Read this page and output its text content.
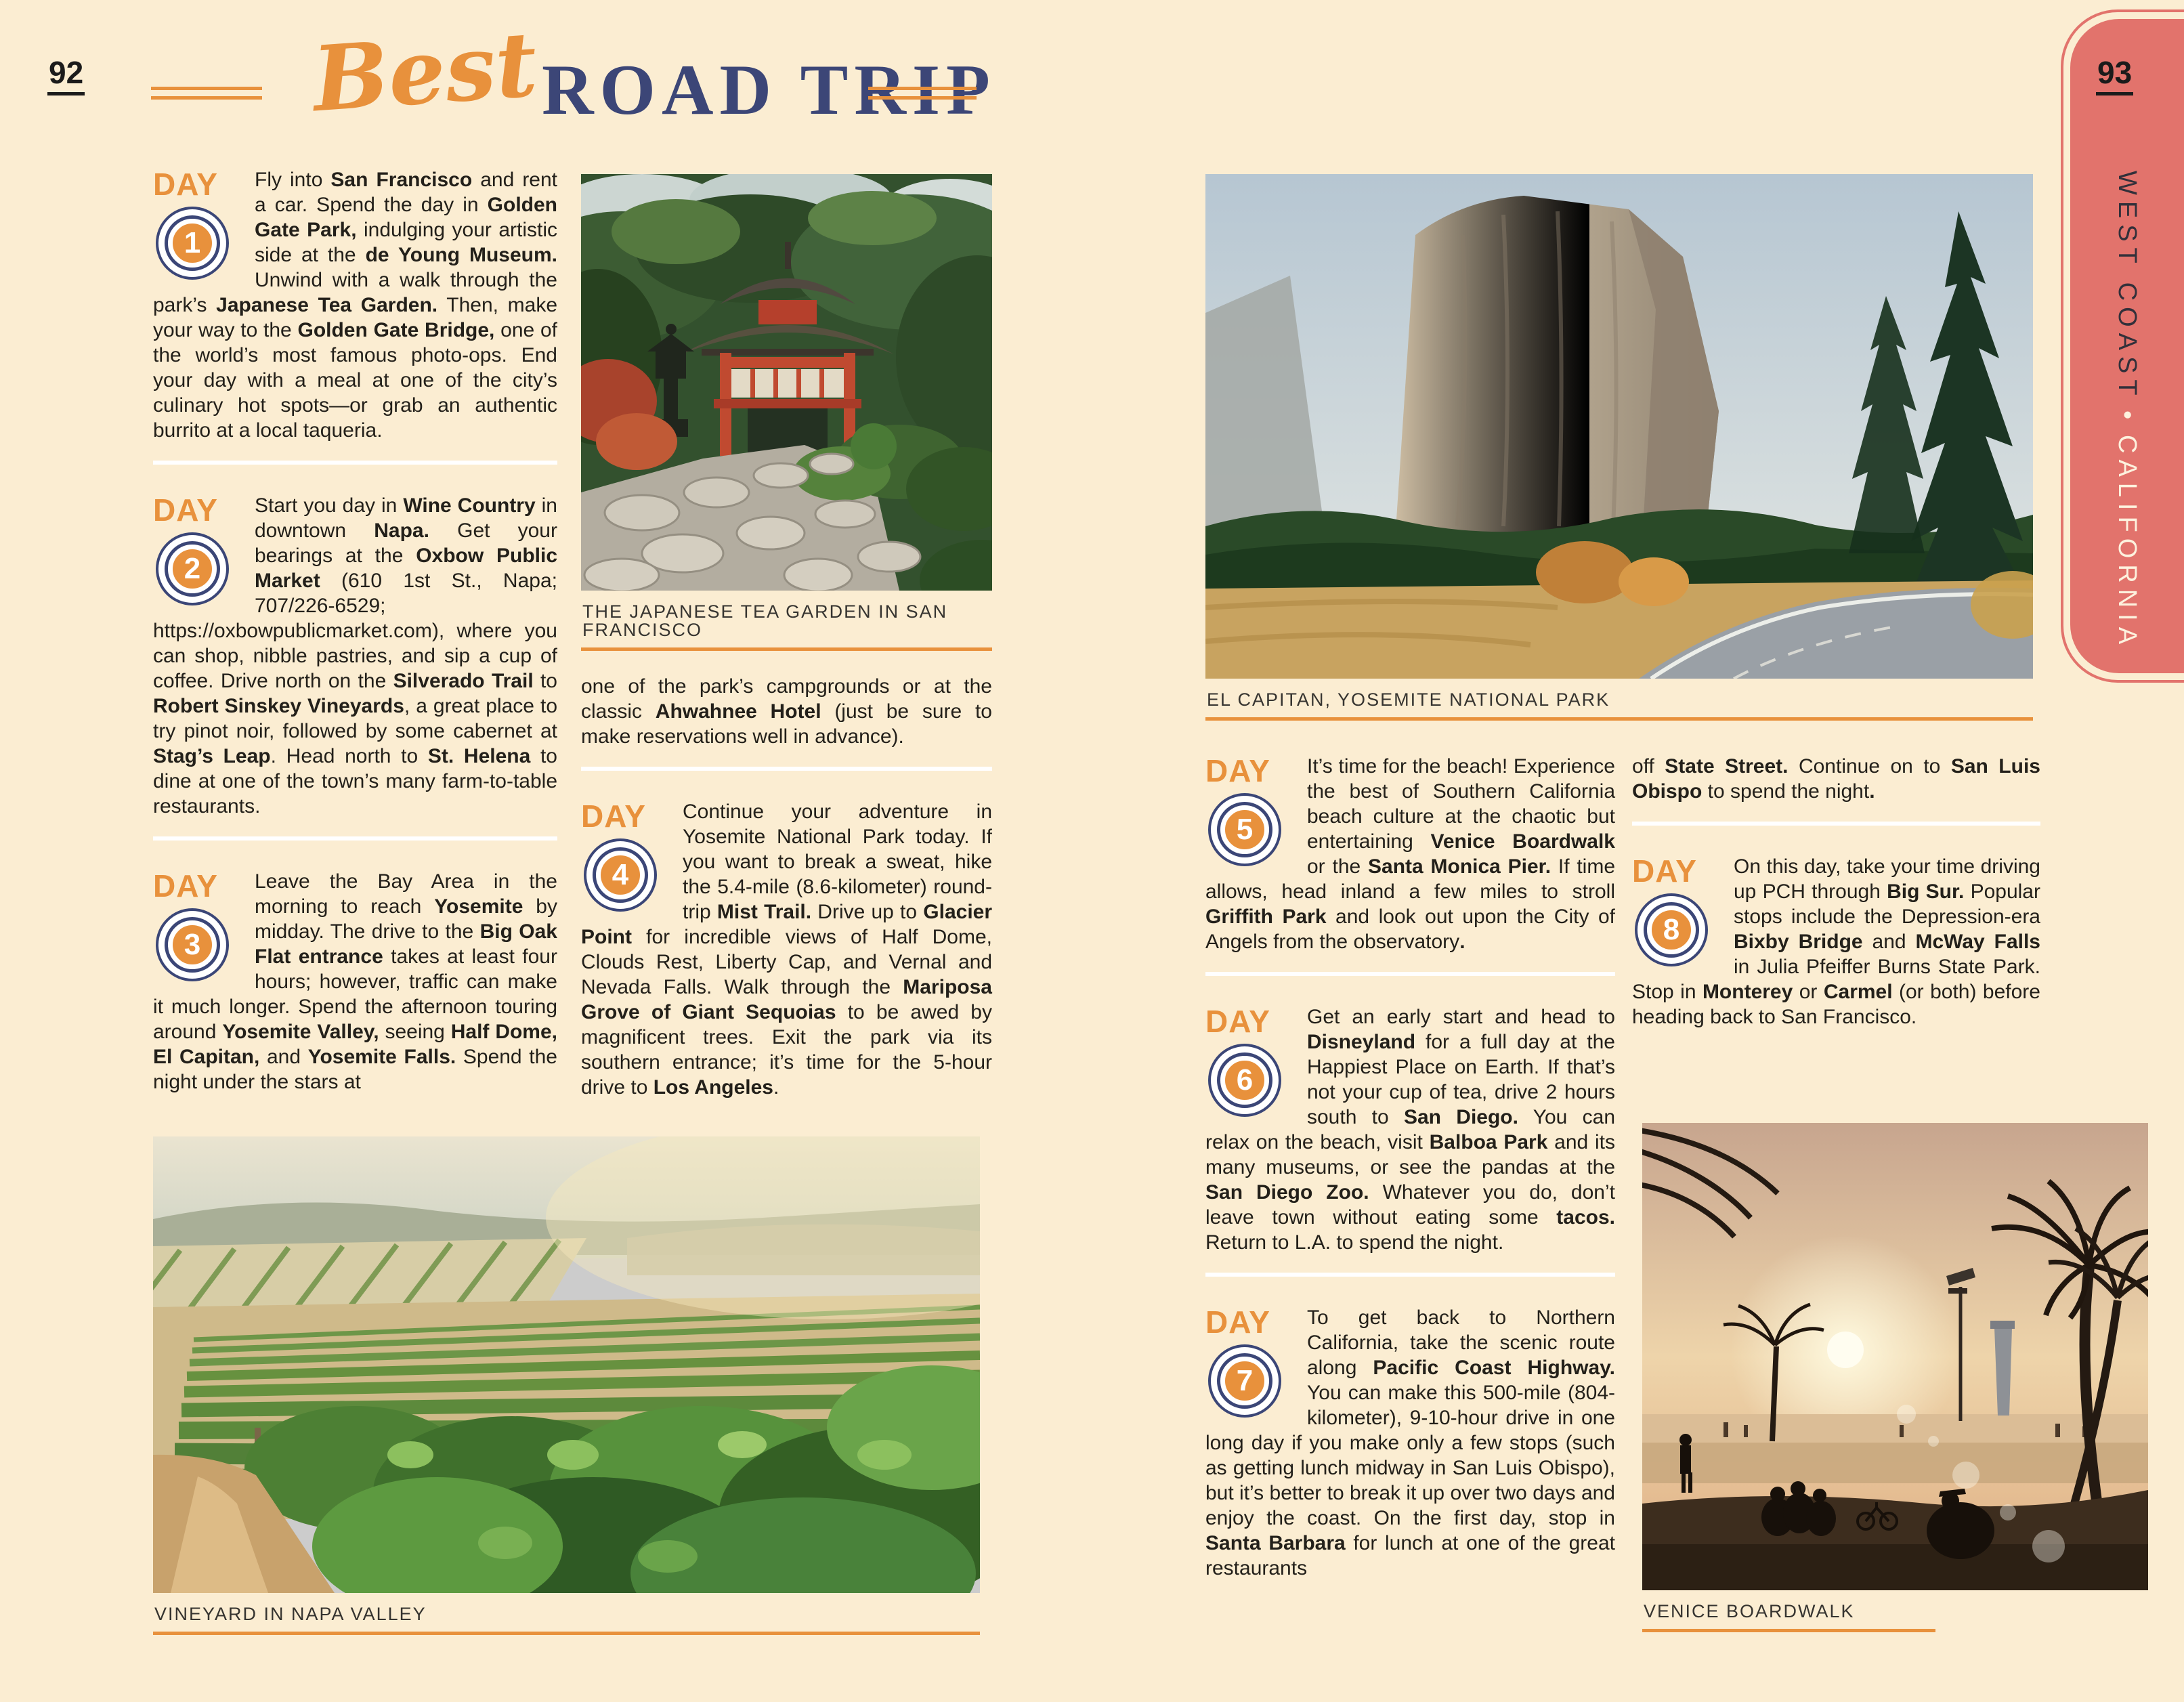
92	Best ROAD TRIP
DAY
1

Fly into San Francisco and rent a car. Spend the day in Golden Gate Park, indulging your artistic side at the de Young Museum. Unwind with a walk through the park’s Japanese Tea Garden. Then, make your way to the Golden Gate Bridge, one of the world’s most famous photo-ops. End your day with a meal at one of the city’s culinary hot spots—or grab an authentic burrito at a local taqueria.

DAY
2

Start you day in Wine Country in downtown Napa. Get your bearings at the Oxbow Public Market (610 1st St., Napa; 707/226-6529; https://oxbowpublicmarket.com), where you can shop, nibble pastries, and sip a cup of coffee. Drive north on the Silverado Trail to Robert Sinskey Vineyards, a great place to try pinot noir, followed by some cabernet at Stag’s Leap. Head north to St. Helena to dine at one of the town’s many farm-to-table restaurants.

DAY
3

Leave the Bay Area in the morning to reach Yosemite by midday. The drive to the Big Oak Flat entrance takes at least four hours; however, traffic can make it much longer. Spend the afternoon touring around Yosemite Valley, seeing Half Dome, El Capitan, and Yosemite Falls. Spend the night under the stars at

THE JAPANESE TEA GARDEN IN SAN FRANCISCO

one of the park’s campgrounds or at the classic Ahwahnee Hotel (just be sure to make reservations well in advance).

DAY
4

Continue your adventure in Yosemite National Park today. If you want to break a sweat, hike the 5.4-mile (8.6-kilometer) round-trip Mist Trail. Drive up to Glacier Point for incredible views of Half Dome, Clouds Rest, Liberty Cap, and Vernal and Nevada Falls. Walk through the Mariposa Grove of Giant Sequoias to be awed by magnificent trees. Exit the park via its southern entrance; it’s time for the 5-hour drive to Los Angeles.

EL CAPITAN, YOSEMITE NATIONAL PARK
DAY
5

It’s time for the beach! Experience the best of Southern California beach culture at the chaotic but entertaining Venice Boardwalk or the Santa Monica Pier. If time allows, head inland a few miles to stroll Griffith Park and look out upon the City of Angels from the observatory.

DAY
6

Get an early start and head to Disneyland for a full day at the Happiest Place on Earth. If that’s not your cup of tea, drive 2 hours south to San Diego. You can relax on the beach, visit Balboa Park and its many museums, or see the pandas at the San Diego Zoo. Whatever you do, don’t leave town without eating some tacos. Return to L.A. to spend the night.

DAY
7

To get back to Northern California, take the scenic route along Pacific Coast Highway. You can make this 500-mile (804-kilometer), 9-10-hour drive in one long day if you make only a few stops (such as getting lunch midway in San Luis Obispo), but it’s better to break it up over two days and enjoy the coast. On the first day, stop in Santa Barbara for lunch at one of the great restaurants

off State Street. Continue on to San Luis Obispo to spend the night.

DAY
8

On this day, take your time driving up PCH through Big Sur. Popular stops include the Depression-era Bixby Bridge and McWay Falls in Julia Pfeiffer Burns State Park. Stop in Monterey or Carmel (or both) before heading back to San Francisco.

VINEYARD IN NAPA VALLEY	VENICE BOARDWALK
WEST COAST
•
CALIFORNIA
93
